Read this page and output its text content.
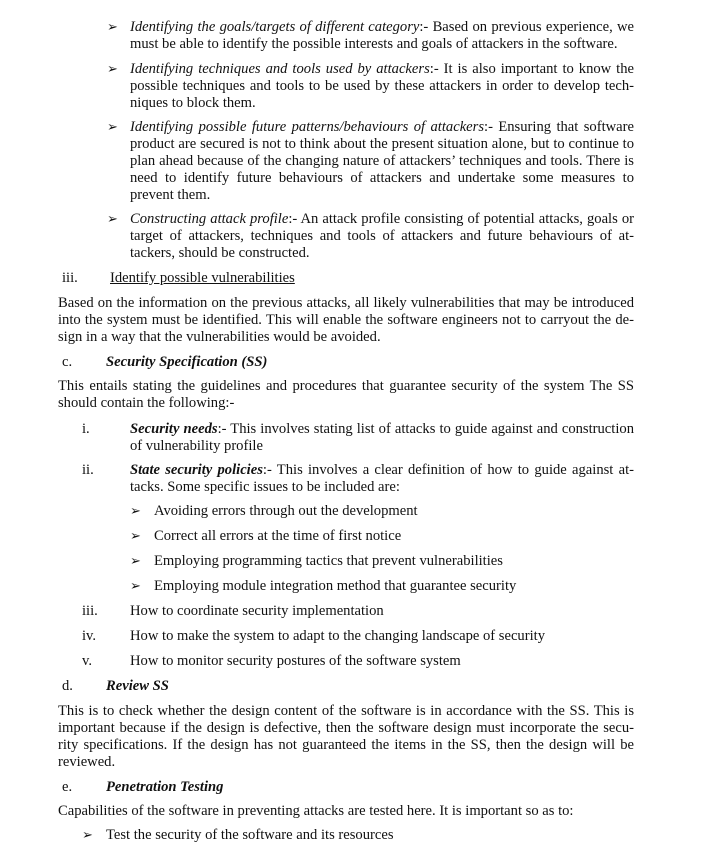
➢ Identifying the goals/targets of different category:- Based on previous experience, we must be able to identify the possible interests and goals of attackers in the software.

➢ Identifying techniques and tools used by attackers:- It is also important to know the possible techniques and tools to be used by these attackers in order to develop tech-niques to block them.

➢ Identifying possible future patterns/behaviours of attackers:- Ensuring that software product are secured is not to think about the present situation alone, but to continue to plan ahead because of the changing nature of attackers’ techniques and tools. There is need to identify future behaviours of attackers and undertake some measures to prevent them.

➢ Constructing attack profile:- An attack profile consisting of potential attacks, goals or target of attackers, techniques and tools of attackers and future behaviours of at-tackers, should be constructed.

iii. Identify possible vulnerabilities

Based on the information on the previous attacks, all likely vulnerabilities that may be introduced into the system must be identified. This will enable the software engineers not to carryout the de-sign in a way that the vulnerabilities would be avoided.

c. Security Specification (SS)

This entails stating the guidelines and procedures that guarantee security of the system The SS should contain the following:-

i.	Security needs:- This involves stating list of attacks to guide against and construction of vulnerability profile

ii. State security policies:- This involves a clear definition of how to guide against at-tacks. Some specific issues to be included are:

➢ Avoiding errors through out the development
➢ Correct all errors at the time of first notice
➢ Employing programming tactics that prevent vulnerabilities
➢ Employing module integration method that guarantee security
iii. How to coordinate security implementation
iv. How to make the system to adapt to the changing landscape of security
v.	How to monitor security postures of the software system
d. Review SS

This is to check whether the design content of the software is in accordance with the SS. This is important because if the design is defective, then the software design must incorporate the secu-rity specifications. If the design has not guaranteed the items in the SS, then the design will be reviewed.

e. Penetration Testing

Capabilities of the software in preventing attacks are tested here. It is important so as to:

➢ Test the security of the software and its resources
